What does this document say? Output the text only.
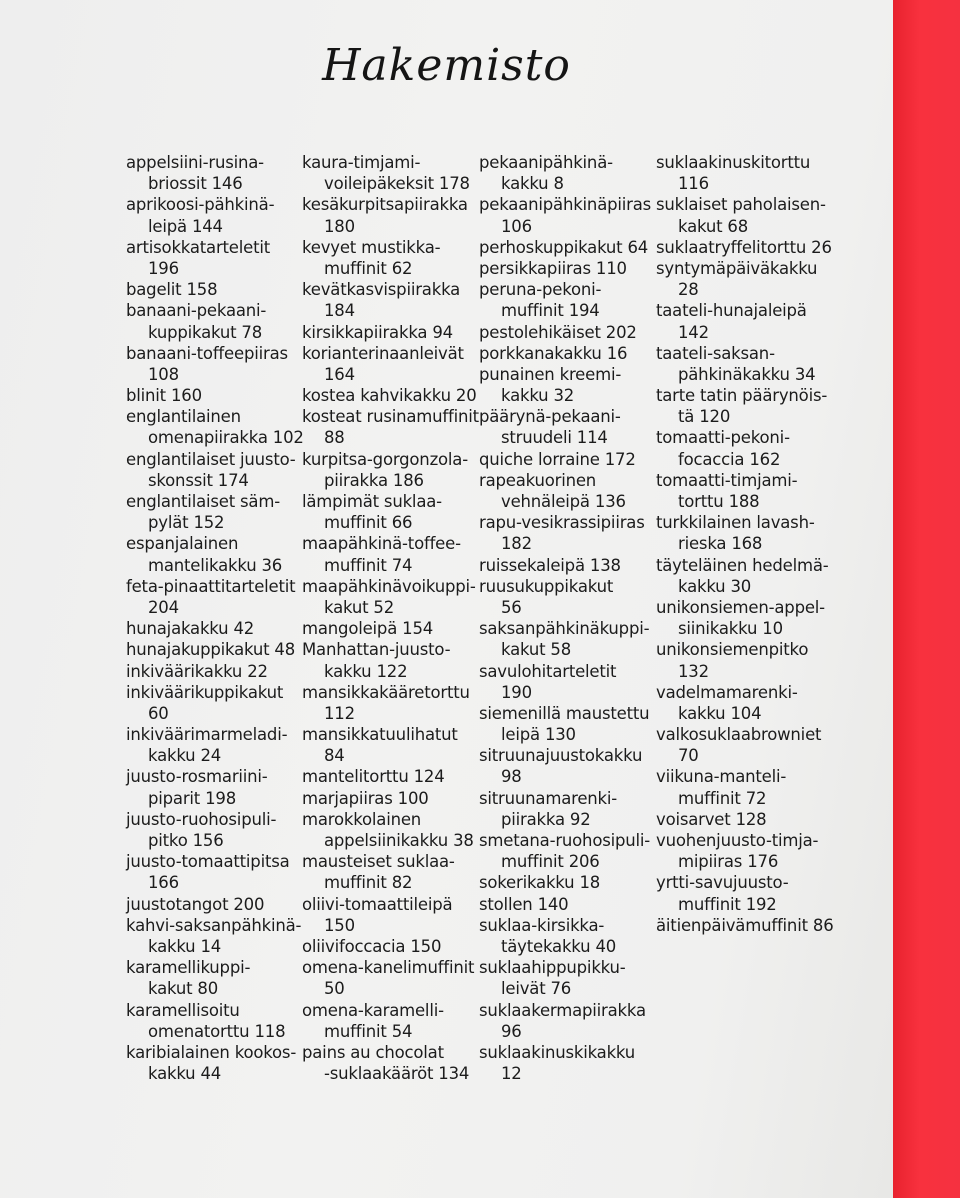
Hakemisto
appelsiini-rusina-
briossit 146
aprikoosi-pähkinä-
leipä 144
artisokkatarteletit
196
bagelit 158
banaani-pekaani-
kuppikakut 78
banaani-toffeepiiras
108
blinit 160
englantilainen
omenapiirakka 102
englantilaiset juusto-
skonssit 174
englantilaiset säm-
pylät 152
espanjalainen
mantelikakku 36
feta-pinaattitarteletit
204
hunajakakku 42
hunajakuppikakut 48
inkiväärikakku 22
inkiväärikuppikakut
60
inkiväärimarmeladi-
kakku 24
juusto-rosmariini-
piparit 198
juusto-ruohosipuli-
pitko 156
juusto-tomaattipitsa
166
juustotangot 200
kahvi-saksanpähkinä-
kakku 14
karamellikuppi-
kakut 80
karamellisoitu
omenatorttu 118
karibialainen kookos-
kakku 44
kaura-timjami-
voileipäkeksit 178
kesäkurpitsapiirakka
180
kevyet mustikka-
muffinit 62
kevätkasvispiirakka
184
kirsikkapiirakka 94
korianterinaanleivät
164
kostea kahvikakku 20
kosteat rusinamuffinit
88
kurpitsa-gorgonzola-
piirakka 186
lämpimät suklaa-
muffinit 66
maapähkinä-toffee-
muffinit 74
maapähkinävoikuppi-
kakut 52
mangoleipä 154
Manhattan-juusto-
kakku 122
mansikkakääretorttu
112
mansikkatuulihatut
84
mantelitorttu 124
marjapiiras 100
marokkolainen
appelsiinikakku 38
mausteiset suklaa-
muffinit 82
oliivi-tomaattileipä
150
oliivifoccacia 150
omena-kanelimuffinit
50
omena-karamelli-
muffinit 54
pains au chocolat
-suklaakääröt 134
pekaanipähkinä-
kakku 8
pekaanipähkinäpiiras
106
perhoskuppikakut 64
persikkapiiras 110
peruna-pekoni-
muffinit 194
pestolehikäiset 202
porkkanakakku 16
punainen kreemi-
kakku 32
päärynä-pekaani-
struudeli 114
quiche lorraine 172
rapeakuorinen
vehnäleipä 136
rapu-vesikrassipiiras
182
ruissekaleipä 138
ruusukuppikakut
56
saksanpähkinäkuppi-
kakut 58
savulohitarteletit
190
siemenillä maustettu
leipä 130
sitruunajuustokakku
98
sitruunamarenki-
piirakka 92
smetana-ruohosipuli-
muffinit 206
sokerikakku 18
stollen 140
suklaa-kirsikka-
täytekakku 40
suklaahippupikku-
leivät 76
suklaakermapiirakka
96
suklaakinuskikakku
12
suklaakinuskitorttu
116
suklaiset paholaisen-
kakut 68
suklaatryffelitorttu 26
syntymäpäiväkakku
28
taateli-hunajaleipä
142
taateli-saksan-
pähkinäkakku 34
tarte tatin päärynöis-
tä 120
tomaatti-pekoni-
focaccia 162
tomaatti-timjami-
torttu 188
turkkilainen lavash-
rieska 168
täyteläinen hedelmä-
kakku 30
unikonsiemen-appel-
siinikakku 10
unikonsiemenpitko
132
vadelmamarenki-
kakku 104
valkosuklaabrowniet
70
viikuna-manteli-
muffinit 72
voisarvet 128
vuohenjuusto-timja-
mipiiras 176
yrtti-savujuusto-
muffinit 192
äitienpäivämuffinit 86
